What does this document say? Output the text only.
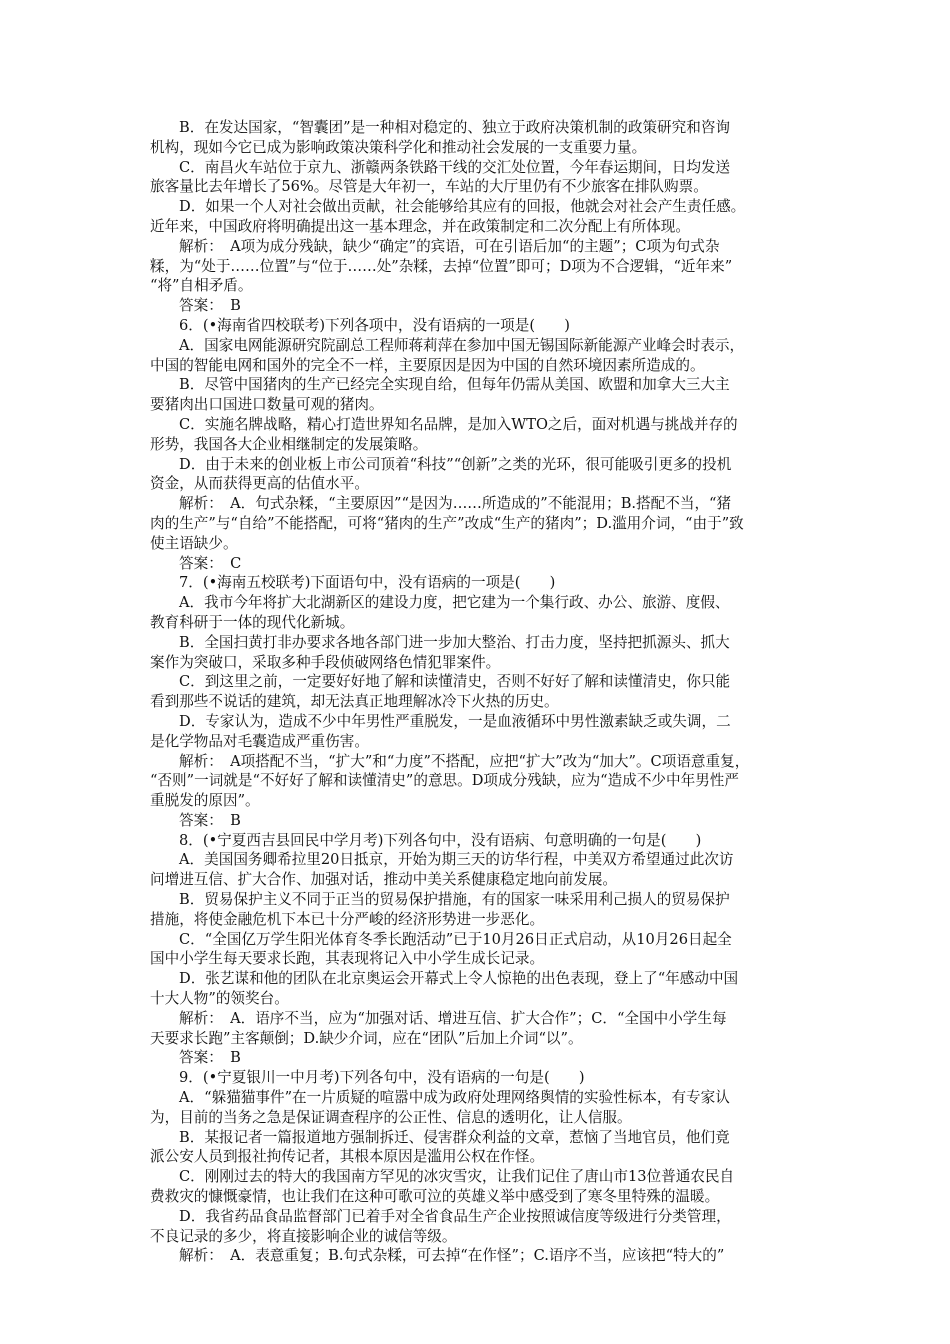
B．在发达国家，“智囊团”是一种相对稳定的、独立于政府决策机制的政策研究和咨询
机构，现如今它已成为影响政策决策科学化和推动社会发展的一支重要力量。
C．南昌火车站位于京九、浙赣两条铁路干线的交汇处位置，今年春运期间，日均发送
旅客量比去年增长了56%。尽管是大年初一，车站的大厅里仍有不少旅客在排队购票。
D．如果一个人对社会做出贡献，社会能够给其应有的回报，他就会对社会产生责任感。
近年来，中国政府将明确提出这一基本理念，并在政策制定和二次分配上有所体现。
解析：　A项为成分残缺，缺少“确定”的宾语，可在引语后加“的主题”；C项为句式杂
糅，为“处于……位置”与“位于……处”杂糅，去掉“位置”即可；D项为不合逻辑，“近年来”
“将”自相矛盾。
答案：　B
6．(•海南省四校联考)下列各项中，没有语病的一项是(　　)
A．国家电网能源研究院副总工程师蒋莉萍在参加中国无锡国际新能源产业峰会时表示，
中国的智能电网和国外的完全不一样，主要原因是因为中国的自然环境因素所造成的。
B．尽管中国猪肉的生产已经完全实现自给，但每年仍需从美国、欧盟和加拿大三大主
要猪肉出口国进口数量可观的猪肉。
C．实施名牌战略，精心打造世界知名品牌，是加入WTO之后，面对机遇与挑战并存的
形势，我国各大企业相继制定的发展策略。
D．由于未来的创业板上市公司顶着“科技”“创新”之类的光环，很可能吸引更多的投机
资金，从而获得更高的估值水平。
解析：　A．句式杂糅，“主要原因”“是因为……所造成的”不能混用；B.搭配不当，“猪
肉的生产”与“自给”不能搭配，可将“猪肉的生产”改成“生产的猪肉”；D.滥用介词，“由于”致
使主语缺少。
答案：　C
7．(•海南五校联考)下面语句中，没有语病的一项是(　　)
A．我市今年将扩大北湖新区的建设力度，把它建为一个集行政、办公、旅游、度假、
教育科研于一体的现代化新城。
B．全国扫黄打非办要求各地各部门进一步加大整治、打击力度，坚持把抓源头、抓大
案作为突破口，采取多种手段侦破网络色情犯罪案件。
C．到这里之前，一定要好好地了解和读懂清史，否则不好好了解和读懂清史，你只能
看到那些不说话的建筑，却无法真正地理解冰冷下火热的历史。
D．专家认为，造成不少中年男性严重脱发，一是血液循环中男性激素缺乏或失调，二
是化学物品对毛囊造成严重伤害。
解析：　A项搭配不当，“扩大”和“力度”不搭配，应把“扩大”改为“加大”。C项语意重复，
“否则”一词就是“不好好了解和读懂清史”的意思。D项成分残缺，应为“造成不少中年男性严
重脱发的原因”。
答案：　B
8．(•宁夏西吉县回民中学月考)下列各句中，没有语病、句意明确的一句是(　　)
A．美国国务卿希拉里20日抵京，开始为期三天的访华行程，中美双方希望通过此次访
问增进互信、扩大合作、加强对话，推动中美关系健康稳定地向前发展。
B．贸易保护主义不同于正当的贸易保护措施，有的国家一味采用利己损人的贸易保护
措施，将使金融危机下本已十分严峻的经济形势进一步恶化。
C．“全国亿万学生阳光体育冬季长跑活动”已于10月26日正式启动，从10月26日起全
国中小学生每天要求长跑，其表现将记入中小学生成长记录。
D．张艺谋和他的团队在北京奥运会开幕式上令人惊艳的出色表现，登上了“年感动中国
十大人物”的领奖台。
解析：　A．语序不当，应为“加强对话、增进互信、扩大合作”；C．“全国中小学生每
天要求长跑”主客颠倒；D.缺少介词，应在“团队”后加上介词“以”。
答案：　B
9．(•宁夏银川一中月考)下列各句中，没有语病的一句是(　　)
A．“躲猫猫事件”在一片质疑的喧嚣中成为政府处理网络舆情的实验性标本，有专家认
为，目前的当务之急是保证调查程序的公正性、信息的透明化，让人信服。
B．某报记者一篇报道地方强制拆迁、侵害群众利益的文章，惹恼了当地官员，他们竟
派公安人员到报社拘传记者，其根本原因是滥用公权在作怪。
C．刚刚过去的特大的我国南方罕见的冰灾雪灾，让我们记住了唐山市13位普通农民自
费救灾的慷慨豪情，也让我们在这种可歌可泣的英雄义举中感受到了寒冬里特殊的温暖。
D．我省药品食品监督部门已着手对全省食品生产企业按照诚信度等级进行分类管理，
不良记录的多少，将直接影响企业的诚信等级。
解析：　A．表意重复；B.句式杂糅，可去掉“在作怪”；C.语序不当，应该把“特大的”
